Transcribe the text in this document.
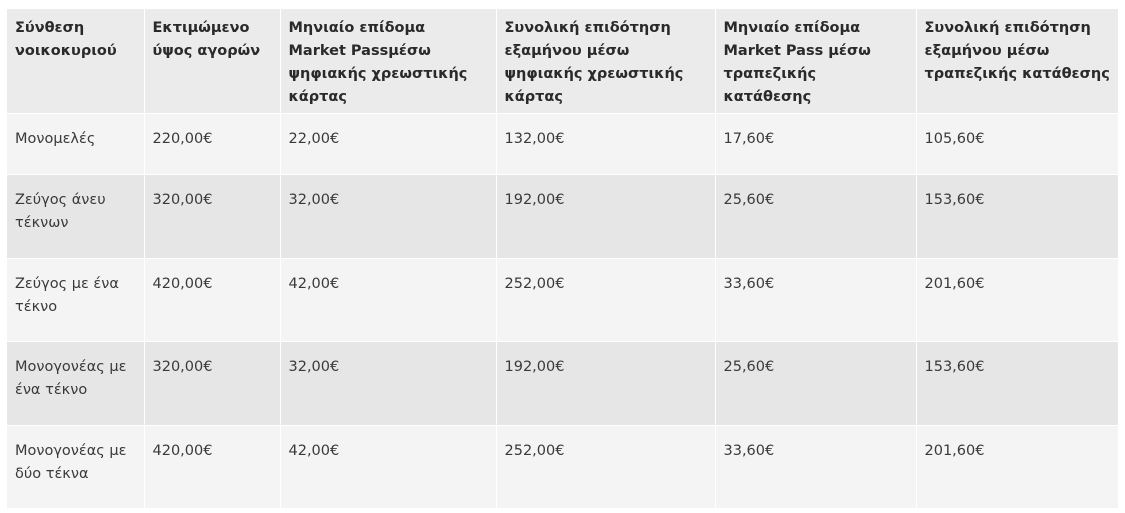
Σύνθεση νοικοκυριού	Εκτιμώμενο ύψος αγορών	Μηνιαίο επίδομα Market Passμέσω ψηφιακής χρεωστικής κάρτας	Συνολική επιδότηση εξαμήνου μέσω ψηφιακής χρεωστικής κάρτας	Μηνιαίο επίδομα Market Pass μέσω τραπεζικής κατάθεσης	Συνολική επιδότηση εξαμήνου μέσω τραπεζικής κατάθεσης
Μονομελές	220,00€	22,00€	132,00€	17,60€	105,60€
Ζεύγος άνευ τέκνων	320,00€	32,00€	192,00€	25,60€	153,60€
Ζεύγος με ένα τέκνο	420,00€	42,00€	252,00€	33,60€	201,60€
Μονογονέας με ένα τέκνο	320,00€	32,00€	192,00€	25,60€	153,60€
Μονογονέας με δύο τέκνα	420,00€	42,00€	252,00€	33,60€	201,60€
